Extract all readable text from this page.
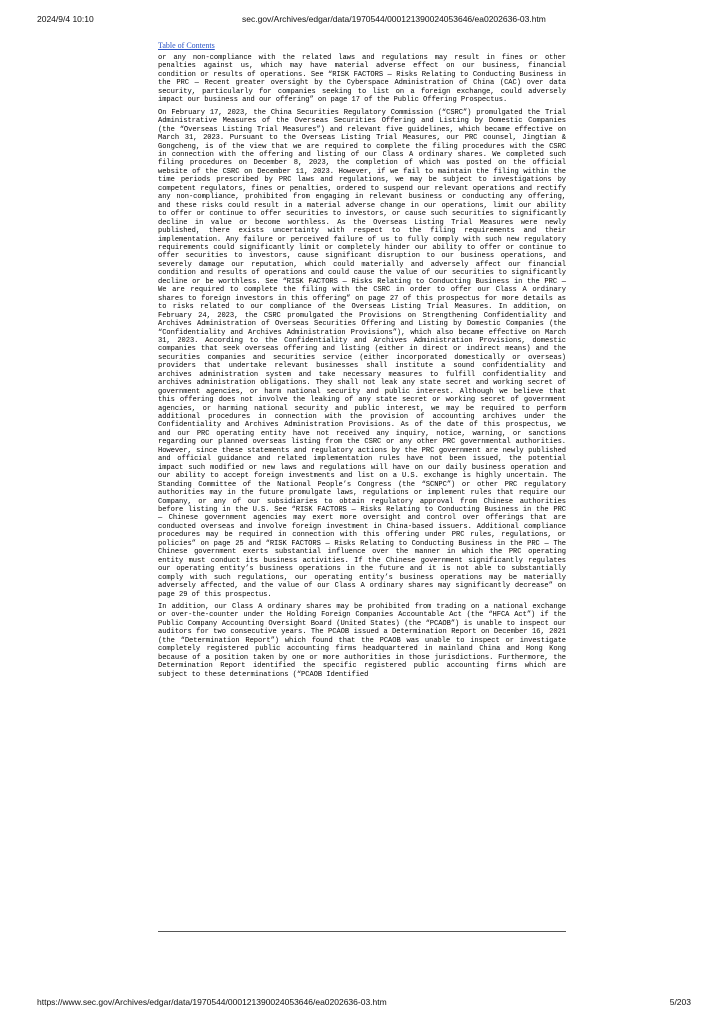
2024/9/4 10:10	sec.gov/Archives/edgar/data/1970544/000121390024053646/ea0202636-03.htm
Table of Contents

or any non-compliance with the related laws and regulations may result in fines or other penalties against us, which may have material adverse effect on our business, financial condition or results of operations. See “RISK FACTORS — Risks Relating to Conducting Business in the PRC — Recent greater oversight by the Cyberspace Administration of China (CAC) over data security, particularly for companies seeking to list on a foreign exchange, could adversely impact our business and our offering” on page 17 of the Public Offering Prospectus.

On February 17, 2023, the China Securities Regulatory Commission (“CSRC”) promulgated the Trial Administrative Measures of the Overseas Securities Offering and Listing by Domestic Companies (the “Overseas Listing Trial Measures”) and relevant five guidelines, which became effective on March 31, 2023. Pursuant to the Overseas Listing Trial Measures, our PRC counsel, Jingtian & Gongcheng, is of the view that we are required to complete the filing procedures with the CSRC in connection with the offering and listing of our Class A ordinary shares. We completed such filing procedures on December 8, 2023, the completion of which was posted on the official website of the CSRC on December 11, 2023. However, if we fail to maintain the filing within the time periods prescribed by PRC laws and regulations, we may be subject to investigations by competent regulators, fines or penalties, ordered to suspend our relevant operations and rectify any non-compliance, prohibited from engaging in relevant business or conducting any offering, and these risks could result in a material adverse change in our operations, limit our ability to offer or continue to offer securities to investors, or cause such securities to significantly decline in value or become worthless. As the Overseas Listing Trial Measures were newly published, there exists uncertainty with respect to the filing requirements and their implementation. Any failure or perceived failure of us to fully comply with such new regulatory requirements could significantly limit or completely hinder our ability to offer or continue to offer securities to investors, cause significant disruption to our business operations, and severely damage our reputation, which could materially and adversely affect our financial condition and results of operations and could cause the value of our securities to significantly decline or be worthless. See “RISK FACTORS — Risks Relating to Conducting Business in the PRC — We are required to complete the filing with the CSRC in order to offer our Class A ordinary shares to foreign investors in this offering” on page 27 of this prospectus for more details as to risks related to our compliance of the Overseas Listing Trial Measures. In addition, on February 24, 2023, the CSRC promulgated the Provisions on Strengthening Confidentiality and Archives Administration of Overseas Securities Offering and Listing by Domestic Companies (the “Confidentiality and Archives Administration Provisions”), which also became effective on March 31, 2023. According to the Confidentiality and Archives Administration Provisions, domestic companies that seek overseas offering and listing (either in direct or indirect means) and the securities companies and securities service (either incorporated domestically or overseas) providers that undertake relevant businesses shall institute a sound confidentiality and archives administration system and take necessary measures to fulfill confidentiality and archives administration obligations. They shall not leak any state secret and working secret of government agencies, or harm national security and public interest. Although we believe that this offering does not involve the leaking of any state secret or working secret of government agencies, or harming national security and public interest, we may be required to perform additional procedures in connection with the provision of accounting archives under the Confidentiality and Archives Administration Provisions. As of the date of this prospectus, we and our PRC operating entity have not received any inquiry, notice, warning, or sanctions regarding our planned overseas listing from the CSRC or any other PRC governmental authorities. However, since these statements and regulatory actions by the PRC government are newly published and official guidance and related implementation rules have not been issued, the potential impact such modified or new laws and regulations will have on our daily business operation and our ability to accept foreign investments and list on a U.S. exchange is highly uncertain. The Standing Committee of the National People’s Congress (the “SCNPC”) or other PRC regulatory authorities may in the future promulgate laws, regulations or implement rules that require our Company, or any of our subsidiaries to obtain regulatory approval from Chinese authorities before listing in the U.S. See “RISK FACTORS — Risks Relating to Conducting Business in the PRC — Chinese government agencies may exert more oversight and control over offerings that are conducted overseas and involve foreign investment in China-based issuers. Additional compliance procedures may be required in connection with this offering under PRC rules, regulations, or policies” on page 25 and “RISK FACTORS — Risks Relating to Conducting Business in the PRC — The Chinese government exerts substantial influence over the manner in which the PRC operating entity must conduct its business activities. If the Chinese government significantly regulates our operating entity’s business operations in the future and it is not able to substantially comply with such regulations, our operating entity’s business operations may be materially adversely affected, and the value of our Class A ordinary shares may significantly decrease” on page 29 of this prospectus.

In addition, our Class A ordinary shares may be prohibited from trading on a national exchange or over-the-counter under the Holding Foreign Companies Accountable Act (the “HFCA Act”) if the Public Company Accounting Oversight Board (United States) (the “PCAOB”) is unable to inspect our auditors for two consecutive years. The PCAOB issued a Determination Report on December 16, 2021 (the “Determination Report”) which found that the PCAOB was unable to inspect or investigate completely registered public accounting firms headquartered in mainland China and Hong Kong because of a position taken by one or more authorities in those jurisdictions. Furthermore, the Determination Report identified the specific registered public accounting firms which are subject to these determinations (“PCAOB Identified

https://www.sec.gov/Archives/edgar/data/1970544/000121390024053646/ea0202636-03.htm	5/203
